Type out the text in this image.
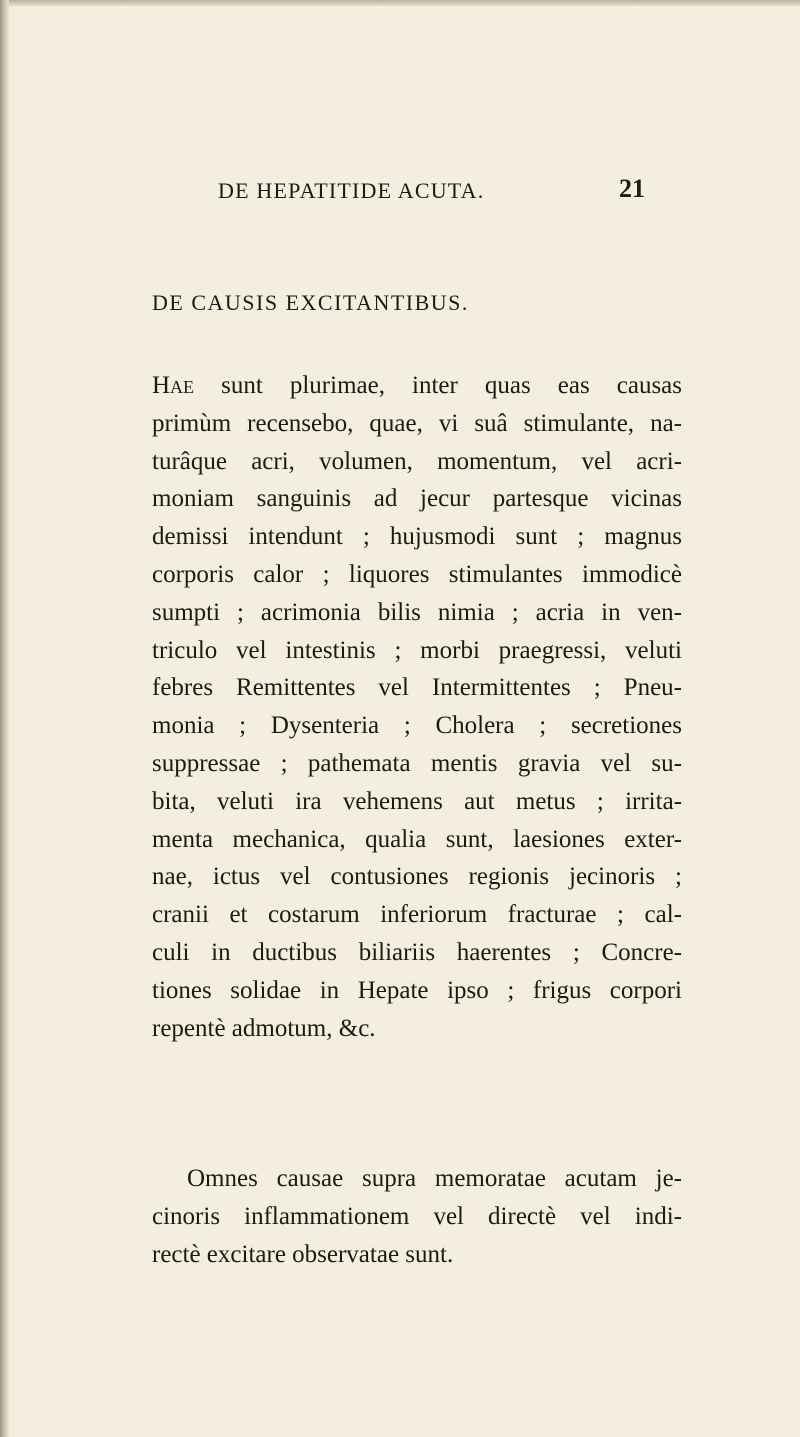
DE HEPATITIDE ACUTA.	21
DE CAUSIS EXCITANTIBUS.
Hae sunt plurimae, inter quas eas causas
primùm recensebo, quae, vi suâ stimulante, na-
turâque acri, volumen, momentum, vel acri-
moniam sanguinis ad jecur partesque vicinas
demissi intendunt ; hujusmodi sunt ; magnus
corporis calor ; liquores stimulantes immodicè
sumpti ; acrimonia bilis nimia ; acria in ven-
triculo vel intestinis ; morbi praegressi, veluti
febres Remittentes vel Intermittentes ; Pneu-
monia ; Dysenteria ; Cholera ; secretiones
suppressae ; pathemata mentis gravia vel su-
bita, veluti ira vehemens aut metus ; irrita-
menta mechanica, qualia sunt, laesiones exter-
nae, ictus vel contusiones regionis jecinoris ;
cranii et costarum inferiorum fracturae ; cal-
culi in ductibus biliariis haerentes ; Concre-
tiones solidae in Hepate ipso ; frigus corpori
repentè admotum, &c.
Omnes causae supra memoratae acutam je-
cinoris inflammationem vel directè vel indi-
rectè excitare observatae sunt.
